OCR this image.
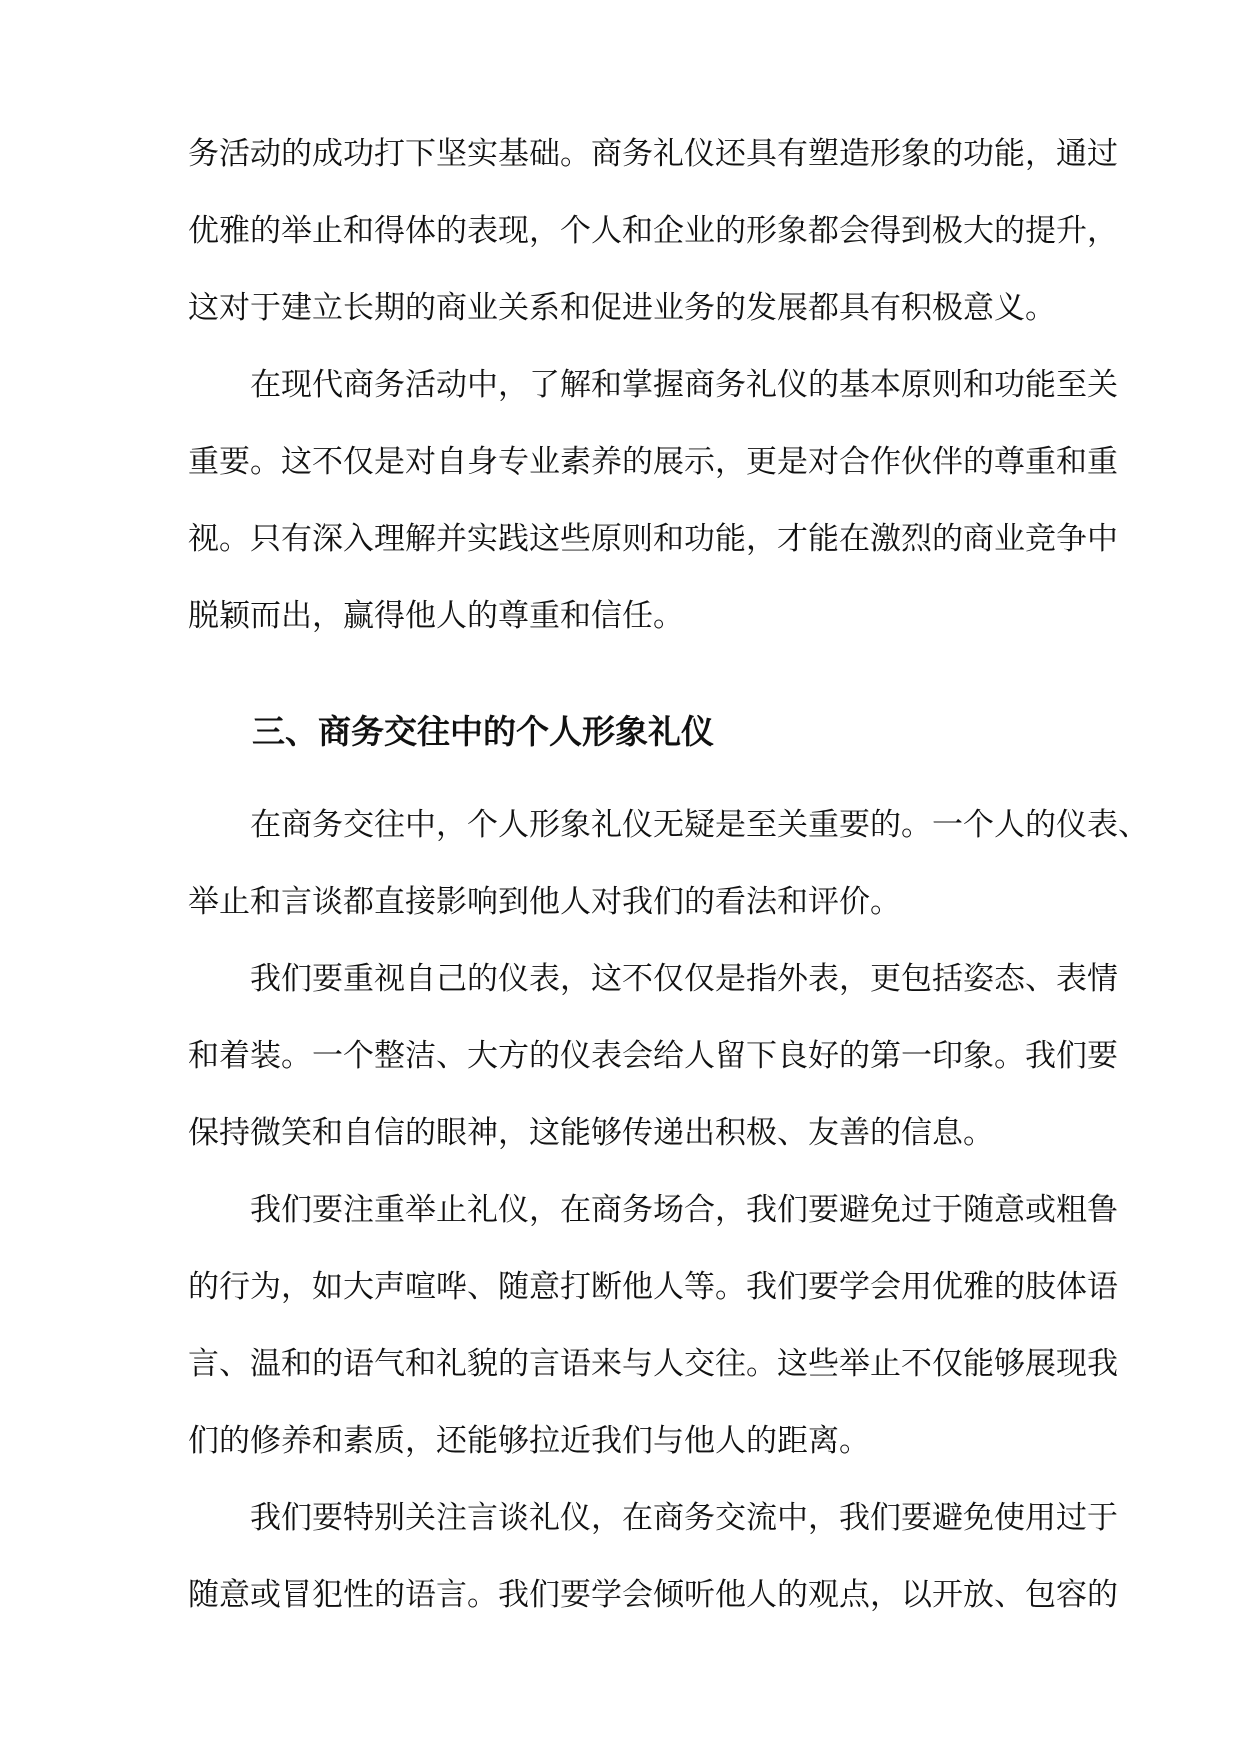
务活动的成功打下坚实基础。商务礼仪还具有塑造形象的功能，通过
优雅的举止和得体的表现，个人和企业的形象都会得到极大的提升，
这对于建立长期的商业关系和促进业务的发展都具有积极意义。

在现代商务活动中，了解和掌握商务礼仪的基本原则和功能至关
重要。这不仅是对自身专业素养的展示，更是对合作伙伴的尊重和重
视。只有深入理解并实践这些原则和功能，才能在激烈的商业竞争中
脱颖而出，赢得他人的尊重和信任。

三、商务交往中的个人形象礼仪

在商务交往中，个人形象礼仪无疑是至关重要的。一个人的仪表、
举止和言谈都直接影响到他人对我们的看法和评价。

我们要重视自己的仪表，这不仅仅是指外表，更包括姿态、表情
和着装。一个整洁、大方的仪表会给人留下良好的第一印象。我们要
保持微笑和自信的眼神，这能够传递出积极、友善的信息。

我们要注重举止礼仪，在商务场合，我们要避免过于随意或粗鲁
的行为，如大声喧哗、随意打断他人等。我们要学会用优雅的肢体语
言、温和的语气和礼貌的言语来与人交往。这些举止不仅能够展现我
们的修养和素质，还能够拉近我们与他人的距离。

我们要特别关注言谈礼仪，在商务交流中，我们要避免使用过于
随意或冒犯性的语言。我们要学会倾听他人的观点，以开放、包容的
